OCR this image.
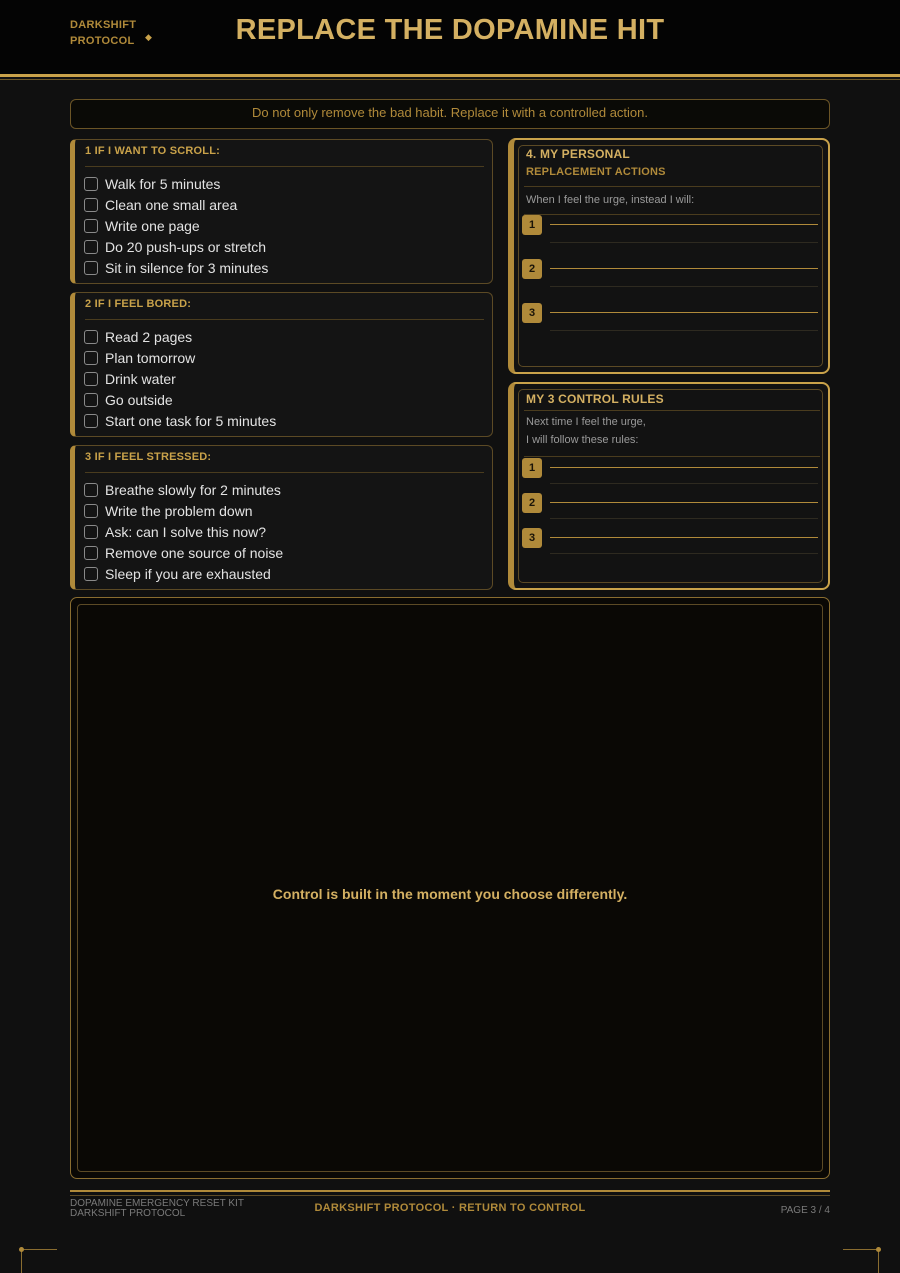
DARKSHIFT
PROTOCOL ◆	REPLACE THE DOPAMINE HIT
Do not only remove the bad habit. Replace it with a controlled action.
1 IF I WANT TO SCROLL:
Walk for 5 minutes
Clean one small area
Write one page
Do 20 push-ups or stretch
Sit in silence for 3 minutes
2 IF I FEEL BORED:
Read 2 pages
Plan tomorrow
Drink water
Go outside
Start one task for 5 minutes
3 IF I FEEL STRESSED:
Breathe slowly for 2 minutes
Write the problem down
Ask: can I solve this now?
Remove one source of noise
Sleep if you are exhausted
4. MY PERSONAL
REPLACEMENT ACTIONS
When I feel the urge, instead I will:
1
2
3
MY 3 CONTROL RULES
Next time I feel the urge,
I will follow these rules:
1
2
3
Control is built in the moment you choose differently.
DOPAMINE EMERGENCY RESET KIT
DARKSHIFT PROTOCOL	DARKSHIFT PROTOCOL · RETURN TO CONTROL	PAGE 3 / 4
